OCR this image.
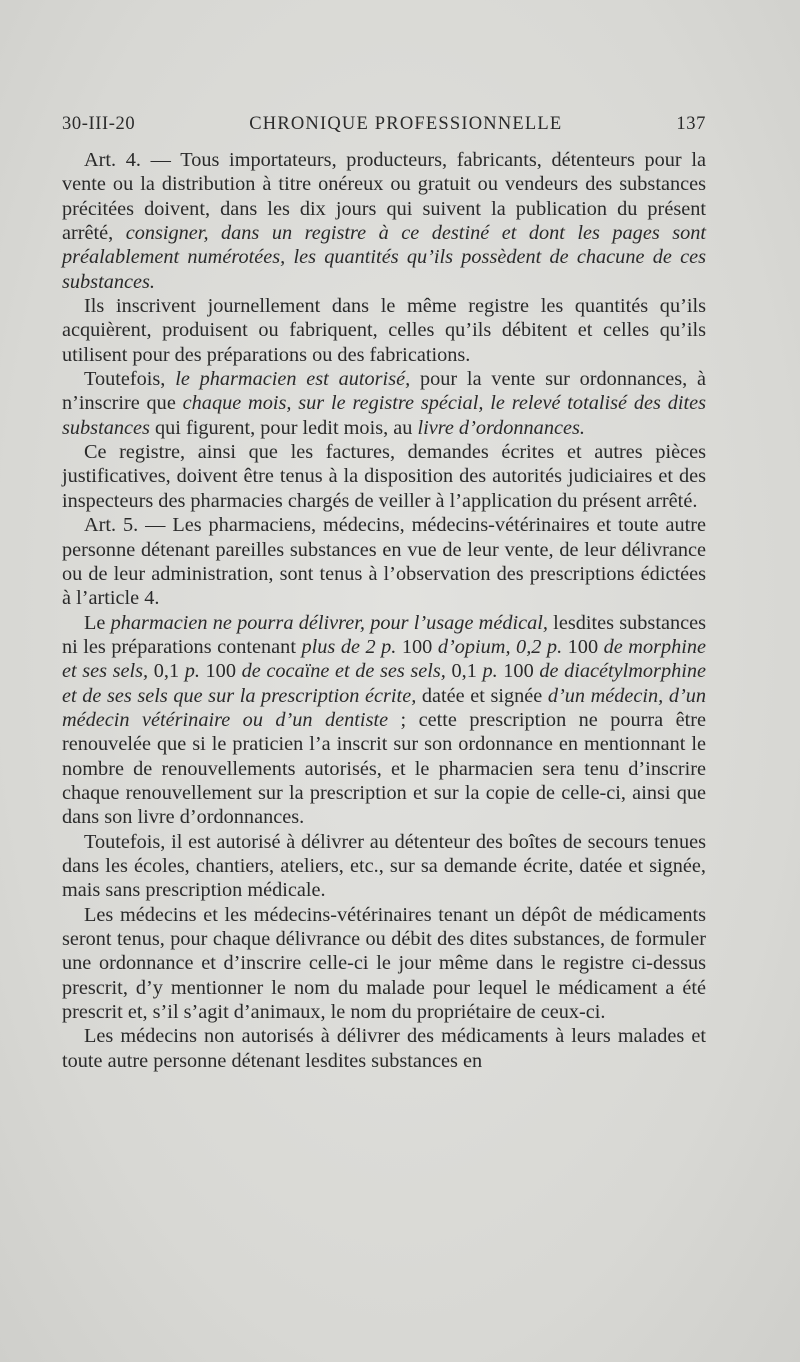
30-III-20	CHRONIQUE PROFESSIONNELLE	137

Art. 4. — Tous importateurs, producteurs, fabricants, détenteurs pour la vente ou la distribution à titre onéreux ou gratuit ou vendeurs des substances précitées doivent, dans les dix jours qui suivent la publication du présent arrêté, consigner, dans un registre à ce destiné et dont les pages sont préalablement numérotées, les quantités qu’ils possèdent de chacune de ces substances.

Ils inscrivent journellement dans le même registre les quantités qu’ils acquièrent, produisent ou fabriquent, celles qu’ils débitent et celles qu’ils utilisent pour des préparations ou des fabrications.

Toutefois, le pharmacien est autorisé, pour la vente sur ordonnances, à n’inscrire que chaque mois, sur le registre spécial, le relevé totalisé des dites substances qui figurent, pour ledit mois, au livre d’ordonnances.

Ce registre, ainsi que les factures, demandes écrites et autres pièces justificatives, doivent être tenus à la disposition des autorités judiciaires et des inspecteurs des pharmacies chargés de veiller à l’application du présent arrêté.

Art. 5. — Les pharmaciens, médecins, médecins-vétérinaires et toute autre personne détenant pareilles substances en vue de leur vente, de leur délivrance ou de leur administration, sont tenus à l’observation des prescriptions édictées à l’article 4.

Le pharmacien ne pourra délivrer, pour l’usage médical, lesdites substances ni les préparations contenant plus de 2 p. 100 d’opium, 0,2 p. 100 de morphine et ses sels, 0,1 p. 100 de cocaïne et de ses sels, 0,1 p. 100 de diacétylmorphine et de ses sels que sur la prescription écrite, datée et signée d’un médecin, d’un médecin vétérinaire ou d’un dentiste ; cette prescription ne pourra être renouvelée que si le praticien l’a inscrit sur son ordonnance en mentionnant le nombre de renouvellements autorisés, et le pharmacien sera tenu d’inscrire chaque renouvellement sur la prescription et sur la copie de celle-ci, ainsi que dans son livre d’ordonnances.

Toutefois, il est autorisé à délivrer au détenteur des boîtes de secours tenues dans les écoles, chantiers, ateliers, etc., sur sa demande écrite, datée et signée, mais sans prescription médicale.

Les médecins et les médecins-vétérinaires tenant un dépôt de médicaments seront tenus, pour chaque délivrance ou débit des dites substances, de formuler une ordonnance et d’inscrire celle-ci le jour même dans le registre ci-dessus prescrit, d’y mentionner le nom du malade pour lequel le médicament a été prescrit et, s’il s’agit d’animaux, le nom du propriétaire de ceux-ci.

Les médecins non autorisés à délivrer des médicaments à leurs malades et toute autre personne détenant lesdites substances en
